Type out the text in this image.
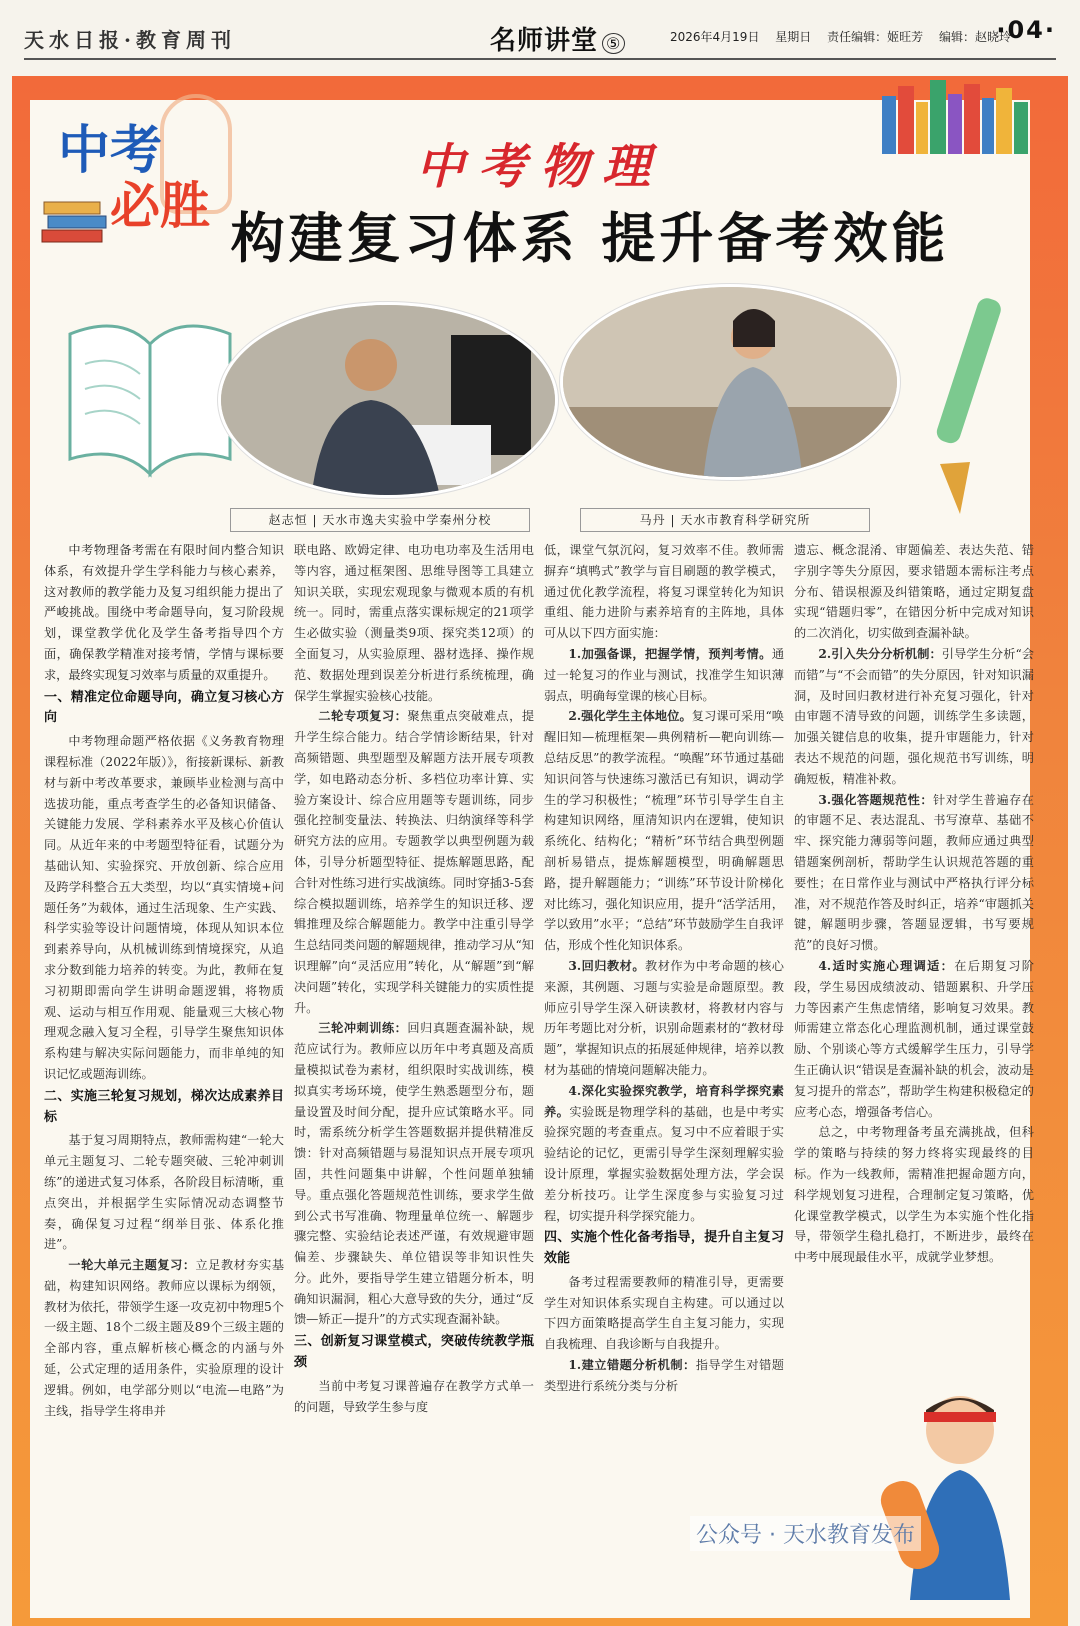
天水日报·教育周刊	名师讲堂 ⑤	2026年4月19日 星期日 责任编辑：姬旺芳 编辑：赵晓玲
·04·
中考
必胜
中考物理
构建复习体系 提升备考效能
赵志恒 | 天水市逸夫实验中学秦州分校	马丹 | 天水市教育科学研究所

中考物理备考需在有限时间内整合知识体系，有效提升学生学科能力与核心素养，这对教师的教学能力及复习组织能力提出了严峻挑战。围绕中考命题导向，复习阶段规划，课堂教学优化及学生备考指导四个方面，确保教学精准对接考情，学情与课标要求，最终实现复习效率与质量的双重提升。

一、精准定位命题导向，确立复习核心方向

中考物理命题严格依据《义务教育物理课程标准（2022年版）》，衔接新课标、新教材与新中考改革要求，兼顾毕业检测与高中选拔功能，重点考查学生的必备知识储备、关键能力发展、学科素养水平及核心价值认同。从近年来的中考题型特征看，试题分为基础认知、实验探究、开放创新、综合应用及跨学科整合五大类型，均以“真实情境+问题任务”为载体，通过生活现象、生产实践、科学实验等设计问题情境，体现从知识本位到素养导向，从机械训练到情境探究，从追求分数到能力培养的转变。为此，教师在复习初期即需向学生讲明命题逻辑，将物质观、运动与相互作用观、能量观三大核心物理观念融入复习全程，引导学生聚焦知识体系构建与解决实际问题能力，而非单纯的知识记忆或题海训练。

二、实施三轮复习规划，梯次达成素养目标

基于复习周期特点，教师需构建“一轮大单元主题复习、二轮专题突破、三轮冲刺训练”的递进式复习体系，各阶段目标清晰，重点突出，并根据学生实际情况动态调整节奏，确保复习过程“纲举目张、体系化推进”。

一轮大单元主题复习：立足教材夯实基础，构建知识网络。教师应以课标为纲领，教材为依托，带领学生逐一攻克初中物理5个一级主题、18个二级主题及89个三级主题的全部内容，重点解析核心概念的内涵与外延，公式定理的适用条件，实验原理的设计逻辑。例如，电学部分则以“电流—电路”为主线，指导学生将串并

联电路、欧姆定律、电功电功率及生活用电等内容，通过框架图、思维导图等工具建立知识关联，实现宏观现象与微观本质的有机统一。同时，需重点落实课标规定的21项学生必做实验（测量类9项、探究类12项）的全面复习，从实验原理、器材选择、操作规范、数据处理到误差分析进行系统梳理，确保学生掌握实验核心技能。

二轮专项复习：聚焦重点突破难点，提升学生综合能力。结合学情诊断结果，针对高频错题、典型题型及解题方法开展专项教学，如电路动态分析、多档位功率计算、实验方案设计、综合应用题等专题训练，同步强化控制变量法、转换法、归纳演绎等科学研究方法的应用。专题教学以典型例题为载体，引导分析题型特征、提炼解题思路，配合针对性练习进行实战演练。同时穿插3-5套综合模拟题训练，培养学生的知识迁移、逻辑推理及综合解题能力。教学中注重引导学生总结同类问题的解题规律，推动学习从“知识理解”向“灵活应用”转化，从“解题”到“解决问题”转化，实现学科关键能力的实质性提升。

三轮冲刺训练：回归真题查漏补缺，规范应试行为。教师应以历年中考真题及高质量模拟试卷为素材，组织限时实战训练，模拟真实考场环境，使学生熟悉题型分布，题量设置及时间分配，提升应试策略水平。同时，需系统分析学生答题数据并提供精准反馈：针对高频错题与易混知识点开展专项巩固，共性问题集中讲解，个性问题单独辅导。重点强化答题规范性训练，要求学生做到公式书写准确、物理量单位统一、解题步骤完整、实验结论表述严谨，有效规避审题偏差、步骤缺失、单位错误等非知识性失分。此外，要指导学生建立错题分析本，明确知识漏洞，粗心大意导致的失分，通过“反馈—矫正—提升”的方式实现查漏补缺。

三、创新复习课堂模式，突破传统教学瓶颈

当前中考复习课普遍存在教学方式单一的问题，导致学生参与度

低，课堂气氛沉闷，复习效率不佳。教师需摒弃“填鸭式”教学与盲目刷题的教学模式，通过优化教学流程，将复习课堂转化为知识重组、能力进阶与素养培育的主阵地，具体可从以下四方面实施：

1.加强备课，把握学情，预判考情。通过一轮复习的作业与测试，找准学生知识薄弱点，明确每堂课的核心目标。

2.强化学生主体地位。复习课可采用“唤醒旧知—梳理框架—典例精析—靶向训练—总结反思”的教学流程。“唤醒”环节通过基础知识问答与快速练习激活已有知识，调动学生的学习积极性；“梳理”环节引导学生自主构建知识网络，厘清知识内在逻辑，使知识系统化、结构化；“精析”环节结合典型例题剖析易错点，提炼解题模型，明确解题思路，提升解题能力；“训练”环节设计阶梯化对比练习，强化知识应用，提升“活学活用，学以致用”水平；“总结”环节鼓励学生自我评估，形成个性化知识体系。

3.回归教材。教材作为中考命题的核心来源，其例题、习题与实验是命题原型。教师应引导学生深入研读教材，将教材内容与历年考题比对分析，识别命题素材的“教材母题”，掌握知识点的拓展延伸规律，培养以教材为基础的情境问题解决能力。

4.深化实验探究教学，培育科学探究素养。实验既是物理学科的基础，也是中考实验探究题的考查重点。复习中不应着眼于实验结论的记忆，更需引导学生深刻理解实验设计原理，掌握实验数据处理方法，学会误差分析技巧。让学生深度参与实验复习过程，切实提升科学探究能力。

四、实施个性化备考指导，提升自主复习效能

备考过程需要教师的精准引导，更需要学生对知识体系实现自主构建。可以通过以下四方面策略提高学生自主复习能力，实现自我梳理、自我诊断与自我提升。

1.建立错题分析机制：指导学生对错题类型进行系统分类与分析

遗忘、概念混淆、审题偏差、表达失范、错字别字等失分原因，要求错题本需标注考点分布、错误根源及纠错策略，通过定期复盘实现“错题归零”，在错因分析中完成对知识的二次消化，切实做到查漏补缺。

2.引入失分分析机制：引导学生分析“会而错”与“不会而错”的失分原因，针对知识漏洞，及时回归教材进行补充复习强化，针对由审题不清导致的问题，训练学生多读题，加强关键信息的收集，提升审题能力，针对表达不规范的问题，强化规范书写训练，明确短板，精准补救。

3.强化答题规范性：针对学生普遍存在的审题不足、表达混乱、书写潦草、基础不牢、探究能力薄弱等问题，教师应通过典型错题案例剖析，帮助学生认识规范答题的重要性；在日常作业与测试中严格执行评分标准，对不规范作答及时纠正，培养“审题抓关键，解题明步骤，答题显逻辑，书写要规范”的良好习惯。

4.适时实施心理调适：在后期复习阶段，学生易因成绩波动、错题累积、升学压力等因素产生焦虑情绪，影响复习效果。教师需建立常态化心理监测机制，通过课堂鼓励、个别谈心等方式缓解学生压力，引导学生正确认识“错误是查漏补缺的机会，波动是复习提升的常态”，帮助学生构建积极稳定的应考心态，增强备考信心。

总之，中考物理备考虽充满挑战，但科学的策略与持续的努力终将实现最终的目标。作为一线教师，需精准把握命题方向，科学规划复习进程，合理制定复习策略，优化课堂教学模式，以学生为本实施个性化指导，带领学生稳扎稳打，不断进步，最终在中考中展现最佳水平，成就学业梦想。

公众号 · 天水教育发布
